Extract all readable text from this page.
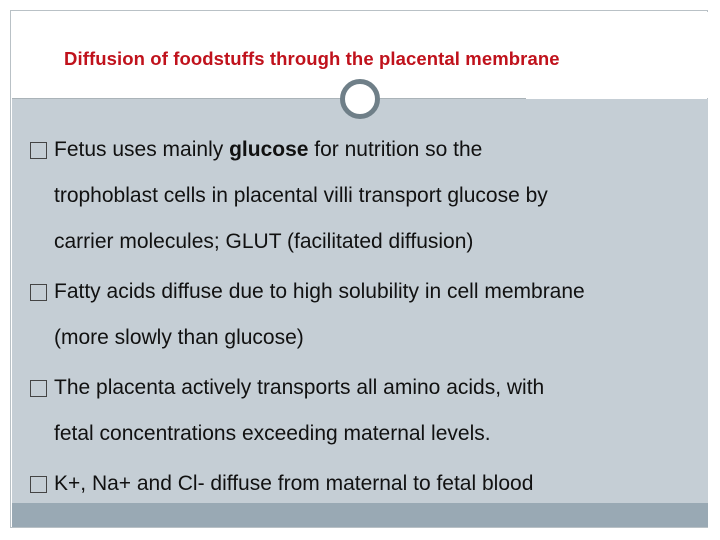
Diffusion of foodstuffs through the placental membrane
Fetus uses mainly glucose for nutrition so the
trophoblast cells in placental villi transport glucose by
carrier molecules; GLUT (facilitated diffusion)
Fatty acids diffuse due to high solubility in cell membrane
(more slowly than glucose)
The placenta actively transports all amino acids, with
fetal concentrations exceeding maternal levels.
K+, Na+ and Cl- diffuse from maternal to fetal blood
